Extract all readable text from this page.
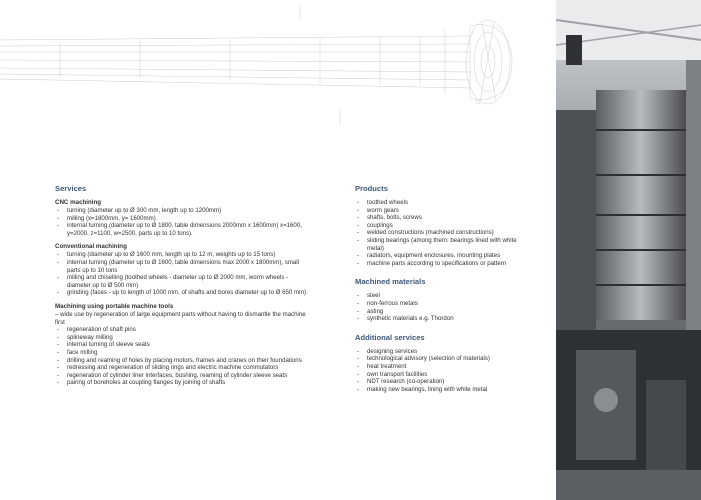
Services
CNC machining
- turning (diameter up to Ø 300 mm, length up to 1200mm)
- milling (x=1800mm, y= 1600mm)
- internal turning (diameter up to Ø 1800, table dimensions 2000mm x 1600mm) x=1600, y=2000, z=1100, w=2500, parts up to 10 tons).
Conventional machining
- turning (diameter up to Ø 1600 mm, length up to 12 m, weights up to 15 tons)
- internal turning (diameter up to Ø 1600, table dimensions max 2000 x 1800mm), small parts up to 10 tons
- milling and chiselling (toothed wheels - diameter up to Ø 2000 mm, worm wheels - diameter up to Ø 500 mm)
- grinding (faces - up to length of 1000 mm, of shafts and bores diameter up to Ø 650 mm)
Machining using portable machine tools

– wide use by regeneration of large equipment parts without having to dismantle the machine first

- regeneration of shaft pins
- splineway milling
- internal turning of sleeve seats
- face milling
- drilling and reaming of holes by placing motors, frames and cranes on their foundations
- redressing and regeneration of sliding rings and electric machine commutators
- regeneration of cylinder liner interfaces, bushing, reaming of cylinder sleeve seats
- pairing of boreholes at coupling flanges by joining of shafts
Products
- toothed wheels
- worm gears
- shafts, bolts, screws
- couplings
- welded constructions (machined constructions)
- sliding bearings (among them: bearings lined with white metal)
- radiators, equipment enclosures, mounting plates
- machine parts according to specifications or pattern
Machined materials
- steel
- non-ferrous metals
- asting
- synthetic materials e.g. Thordon
Additional services
- designing services
- technological advisory (selection of materials)
- heat treatment
- own transport facilities
- NDT research (co-operation)
- making new bearings, lining with white metal
